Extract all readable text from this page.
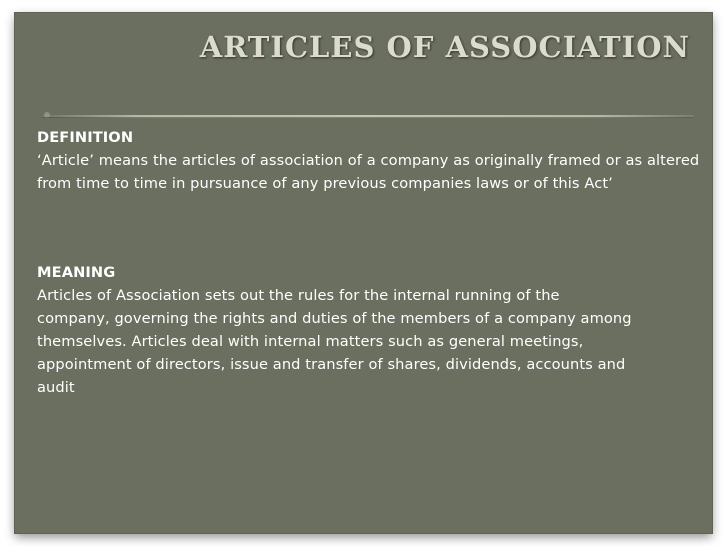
ARTICLES OF ASSOCIATION
DEFINITION
‘Article’ means the articles of association of a company as originally framed or as altered from time to time in pursuance of any previous companies laws or of this Act’
MEANING
Articles of Association sets out the rules for the internal running of the company, governing the rights and duties of the members of a company among themselves. Articles deal with internal matters such as general meetings, appointment of directors, issue and transfer of shares, dividends, accounts and audit
